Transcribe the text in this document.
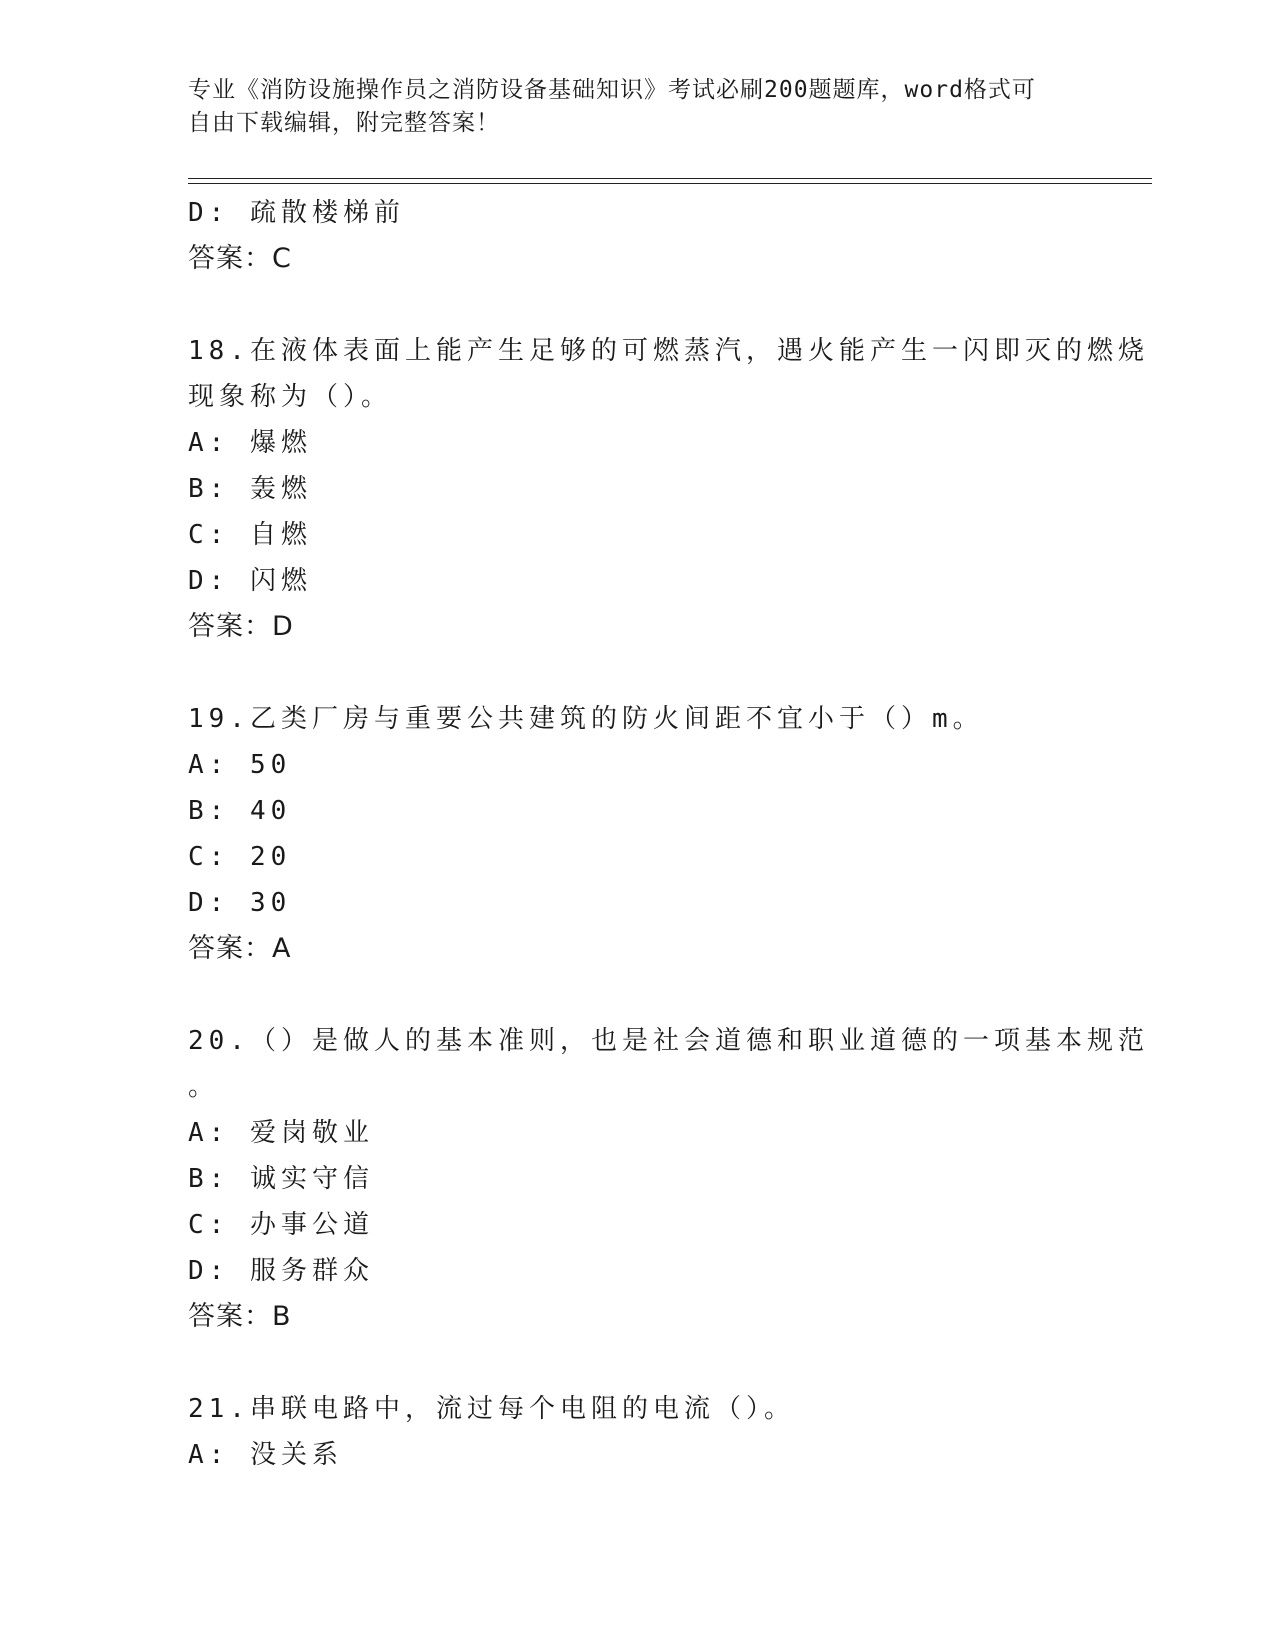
专业《消防设施操作员之消防设备基础知识》考试必刷200题题库，word格式可
自由下载编辑，附完整答案！
D: 疏散楼梯前
答案：C
18.在液体表面上能产生足够的可燃蒸汽，遇火能产生一闪即灭的燃烧
现象称为（）。
A: 爆燃
B: 轰燃
C: 自燃
D: 闪燃
答案：D
19.乙类厂房与重要公共建筑的防火间距不宜小于（）m。
A: 50
B: 40
C: 20
D: 30
答案：A
20.（）是做人的基本准则，也是社会道德和职业道德的一项基本规范
。
A: 爱岗敬业
B: 诚实守信
C: 办事公道
D: 服务群众
答案：B
21.串联电路中，流过每个电阻的电流（）。
A: 没关系
